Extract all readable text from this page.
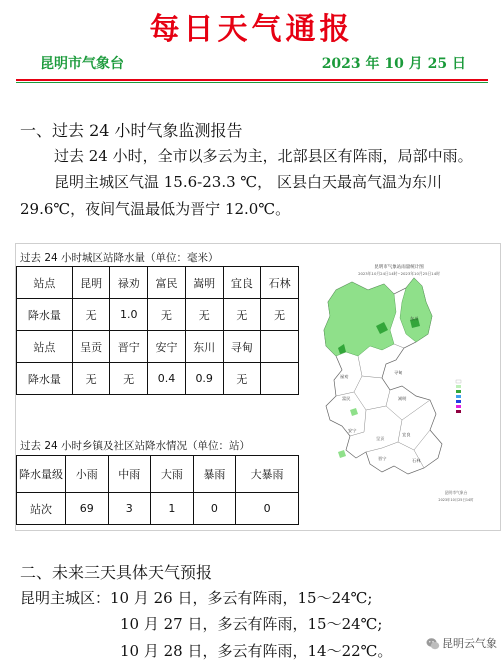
每日天气通报
昆明市气象台	2023 年 10 月 25 日
一、过去 24 小时气象监测报告
过去 24 小时，全市以多云为主，北部县区有阵雨，局部中雨。
昆明主城区气温 15.6-23.3 ℃， 区县白天最高气温为东川
29.6℃，夜间气温最低为晋宁 12.0℃。
过去 24 小时城区站降水量（单位：毫米）
站点	昆明	禄劝	富民	嵩明	宜良	石林
降水量	无	1.0	无	无	无	无
站点	呈贡	晋宁	安宁	东川	寻甸	
降水量	无	无	0.4	0.9	无	
过去 24 小时乡镇及社区站降水情况（单位：站）
降水量级	小雨	中雨	大雨	暴雨	大暴雨
站次	69	3	1	0	0
昆明市气象站雨量统计图
2023年10月24日14时~2023年10月25日14时
东川
禄劝
寻甸
嵩明
富民
安宁
晋宁
呈贡
宜良
石林
昆明市气象台
2023年10月25日14时
二、未来三天具体天气预报
昆明主城区：10 月 26 日，多云有阵雨，15～24℃;
10 月 27 日，多云有阵雨，15～24℃;
10 月 28 日，多云有阵雨，14～22℃。	昆明云气象
